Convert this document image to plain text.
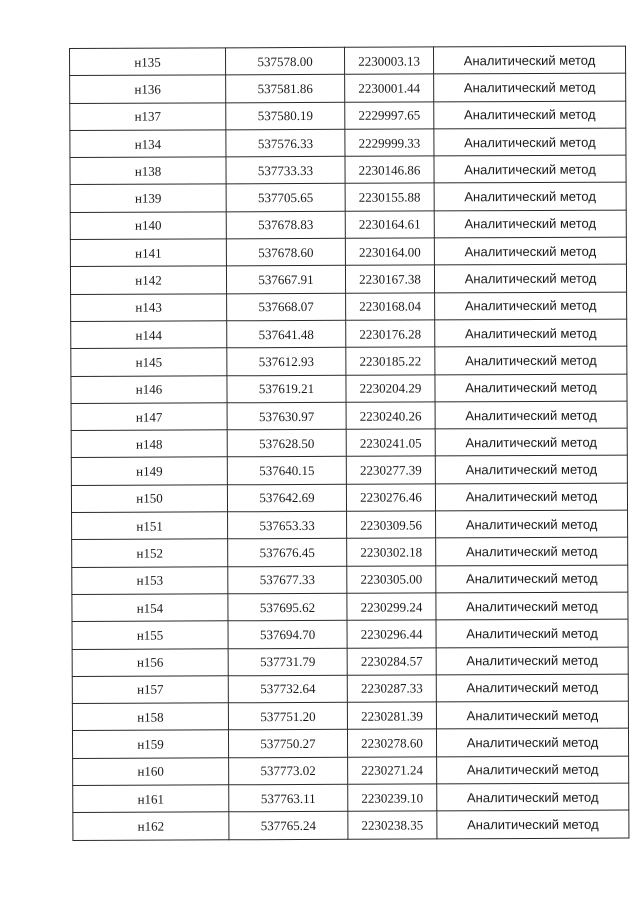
н135	537578.00	2230003.13	Аналитический метод
н136	537581.86	2230001.44	Аналитический метод
н137	537580.19	2229997.65	Аналитический метод
н134	537576.33	2229999.33	Аналитический метод
н138	537733.33	2230146.86	Аналитический метод
н139	537705.65	2230155.88	Аналитический метод
н140	537678.83	2230164.61	Аналитический метод
н141	537678.60	2230164.00	Аналитический метод
н142	537667.91	2230167.38	Аналитический метод
н143	537668.07	2230168.04	Аналитический метод
н144	537641.48	2230176.28	Аналитический метод
н145	537612.93	2230185.22	Аналитический метод
н146	537619.21	2230204.29	Аналитический метод
н147	537630.97	2230240.26	Аналитический метод
н148	537628.50	2230241.05	Аналитический метод
н149	537640.15	2230277.39	Аналитический метод
н150	537642.69	2230276.46	Аналитический метод
н151	537653.33	2230309.56	Аналитический метод
н152	537676.45	2230302.18	Аналитический метод
н153	537677.33	2230305.00	Аналитический метод
н154	537695.62	2230299.24	Аналитический метод
н155	537694.70	2230296.44	Аналитический метод
н156	537731.79	2230284.57	Аналитический метод
н157	537732.64	2230287.33	Аналитический метод
н158	537751.20	2230281.39	Аналитический метод
н159	537750.27	2230278.60	Аналитический метод
н160	537773.02	2230271.24	Аналитический метод
н161	537763.11	2230239.10	Аналитический метод
н162	537765.24	2230238.35	Аналитический метод
